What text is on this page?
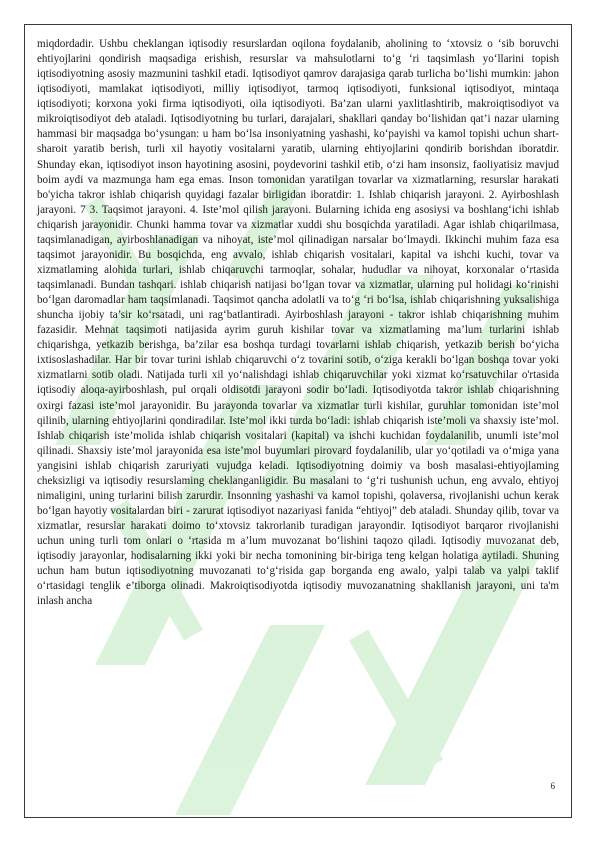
miqdordadir. Ushbu cheklangan iqtisodiy resurslardan oqilona foydalanib, aholining to ‘xtovsiz o ‘sib boruvchi ehtiyojlarini qondirish maqsadiga erishish, resurslar va mahsulotlarni to‘g ‘ri taqsimlash yo‘llarini topish iqtisodiyotning asosiy mazmunini tashkil etadi. Iqtisodiyot qamrov darajasiga qarab turlicha bo‘lishi mumkin: jahon iqtisodiyoti, mamlakat iqtisodiyoti, milliy iqtisodiyot, tarmoq iqtisodiyoti, funksional iqtisodiyot, mintaqa iqtisodiyoti; korxona yoki firma iqtisodiyoti, oila iqtisodiyoti. Ba’zan ularni yaxlitlashtirib, makroiqtisodiyot va mikroiqtisodiyot deb ataladi. Iqtisodiyotning bu turlari, darajalari, shakllari qanday bo‘lishidan qat’i nazar ularning hammasi bir maqsadga bo‘ysungan: u ham bo‘lsa insoniyatning yashashi, ko‘payishi va kamol topishi uchun shart-sharoit yaratib berish, turli xil hayotiy vositalarni yaratib, ularning ehtiyojlarini qondirib borishdan iboratdir. Shunday ekan, iqtisodiyot inson hayotining asosini, poydevorini tashkil etib, o‘zi ham insonsiz, faoliyatisiz mavjud boim aydi va mazmunga ham ega emas. Inson tomonidan yaratilgan tovarlar va xizmatlarning, resurslar harakati bo'yicha takror ishlab chiqarish quyidagi fazalar birligidan iboratdir: 1. Ishlab chiqarish jarayoni. 2. Ayirboshlash jarayoni. 7 3. Taqsimot jarayoni. 4. Iste’mol qilish jarayoni. Bularning ichida eng asosiysi va boshlang‘ichi ishlab chiqarish jarayonidir. Chunki hamma tovar va xizmatlar xuddi shu bosqichda yaratiladi. Agar ishlab chiqarilmasa, taqsimlanadigan, ayirboshlanadigan va nihoyat, iste’mol qilinadigan narsalar bo‘lmaydi. Ikkinchi muhim faza esa taqsimot jarayonidir. Bu bosqichda, eng avvalo, ishlab chiqarish vositalari, kapital va ishchi kuchi, tovar va xizmatlaming alohida turlari, ishlab chiqaruvchi tarmoqlar, sohalar, hududlar va nihoyat, korxonalar o‘rtasida taqsimlanadi. Bundan tashqari. ishlab chiqarish natijasi bo‘lgan tovar va xizmatlar, ularning pul holidagi ko‘rinishi bo‘lgan daromadlar ham taqsimlanadi. Taqsimot qancha adolatli va to‘g ‘ri bo‘lsa, ishlab chiqarishning yuksalishiga shuncha ijobiy ta’sir ko‘rsatadi, uni rag‘batlantiradi. Ayirboshlash jarayoni - takror ishlab chiqarishning muhim fazasidir. Mehnat taqsimoti natijasida ayrim guruh kishilar tovar va xizmatlaming ma’lum turlarini ishlab chiqarishga, yetkazib berishga, ba’zilar esa boshqa turdagi tovarlarni ishlab chiqarish, yetkazib berish bo‘yicha ixtisoslashadilar. Har bir tovar turini ishlab chiqaruvchi o‘z tovarini sotib, o‘ziga kerakli bo‘lgan boshqa tovar yoki xizmatlarni sotib oladi. Natijada turli xil yo‘nalishdagi ishlab chiqaruvchilar yoki xizmat ko‘rsatuvchilar o'rtasida iqtisodiy aloqa-ayirboshlash, pul orqali oldisotdi jarayoni sodir bo‘ladi. Iqtisodiyotda takror ishlab chiqarishning oxirgi fazasi iste’mol jarayonidir. Bu jarayonda tovarlar va xizmatlar turli kishilar, guruhlar tomonidan iste’mol qilinib, ularning ehtiyojlarini qondiradilar. Iste’mol ikki turda bo‘ladi: ishlab chiqarish iste’moli va shaxsiy iste’mol. Ishlab chiqarish iste’molida ishlab chiqarish vositalari (kapital) va ishchi kuchidan foydalanilib, unumli iste’mol qilinadi. Shaxsiy iste’mol jarayonida esa iste’mol buyumlari pirovard foydalanilib, ular yo‘qotiladi va o‘miga yana yangisini ishlab chiqarish zaruriyati vujudga keladi. Iqtisodiyotning doimiy va bosh masalasi-ehtiyojlaming cheksizligi va iqtisodiy resurslaming cheklanganligidir. Bu masalani to ‘g‘ri tushunish uchun, eng avvalo, ehtiyoj nimaligini, uning turlarini bilish zarurdir. Insonning yashashi va kamol topishi, qolaversa, rivojlanishi uchun kerak bo‘lgan hayotiy vositalardan biri - zarurat iqtisodiyot nazariyasi fanida “ehtiyoj” deb ataladi. Shunday qilib, tovar va xizmatlar, resurslar harakati doimo to‘xtovsiz takrorlanib turadigan jarayondir. Iqtisodiyot barqaror rivojlanishi uchun uning turli tom onlari o ‘rtasida m a’lum muvozanat bo‘lishini taqozo qiladi. Iqtisodiy muvozanat deb, iqtisodiy jarayonlar, hodisalarning ikki yoki bir necha tomonining bir-biriga teng kelgan holatiga aytiladi. Shuning uchun ham butun iqtisodiyotning muvozanati to‘g‘risida gap borganda eng awalo, yalpi talab va yalpi taklif o‘rtasidagi tenglik e’tiborga olinadi. Makroiqtisodiyotda iqtisodiy muvozanatning shakllanish jarayoni, uni ta'm inlash ancha

6
